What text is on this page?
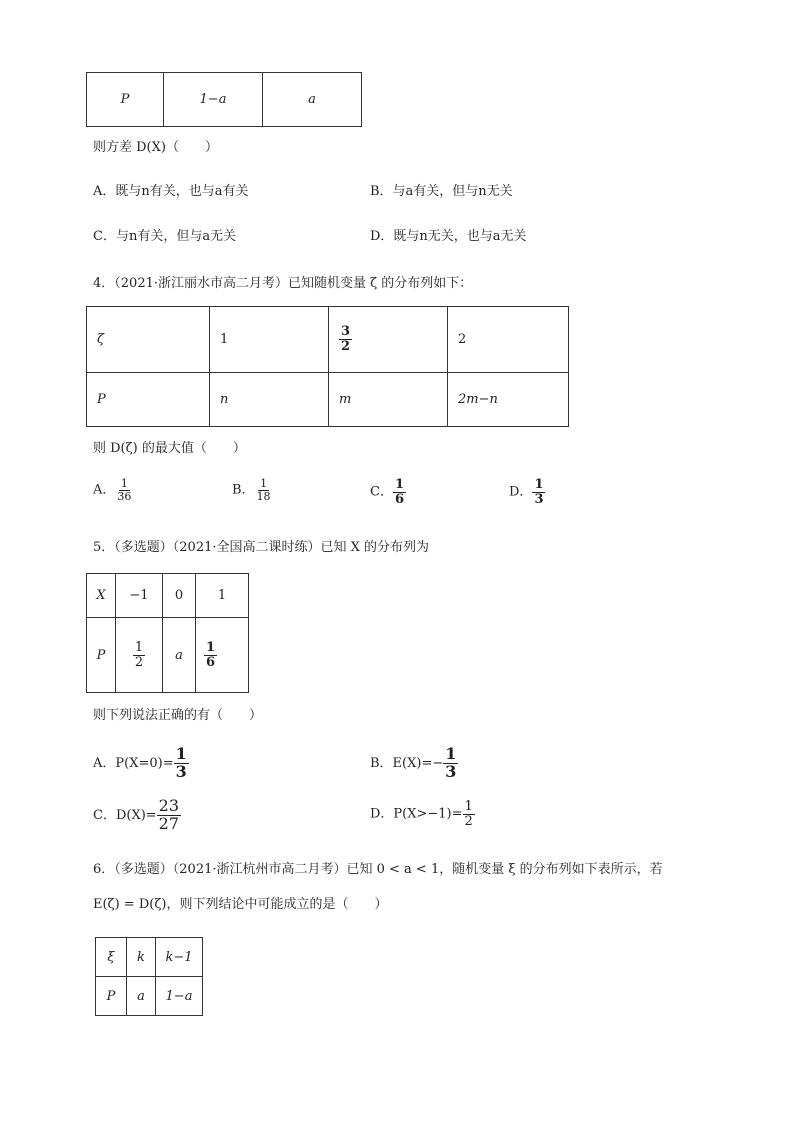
P	1−a	a
则方差 D(X)（　　）
A．既与n有关，也与a有关	B．与a有关，但与n无关
C．与n有关，但与a无关	D．既与n无关，也与a无关
4．（2021·浙江丽水市高二月考）已知随机变量 ζ 的分布列如下：
ζ	1	$\frac{3}{2}$	2
P	n	m	2m−n
则 D(ζ) 的最大值（　　）
A． $\frac{1}{36}$	B． $\frac{1}{18}$	C． $\frac{1}{6}$	D． $\frac{1}{3}$
5．（多选题）（2021·全国高二课时练）已知 X 的分布列为
X	−1	0	1
P	$\frac{1}{2}$	a	$\frac{1}{6}$
则下列说法正确的有（　　）
A．$P(X=0)= \frac{1}{3}$	B．$E(X)=- \frac{1}{3}$
C．$D(X)= \frac{23}{27}$	D．$P(X>-1)= \frac{1}{2}$
6．（多选题）（2021·浙江杭州市高二月考）已知 0 < a < 1，随机变量 ξ 的分布列如下表所示，若
E(ζ) = D(ζ)，则下列结论中可能成立的是（　　）
ξ	k	k−1
P	a	1−a
